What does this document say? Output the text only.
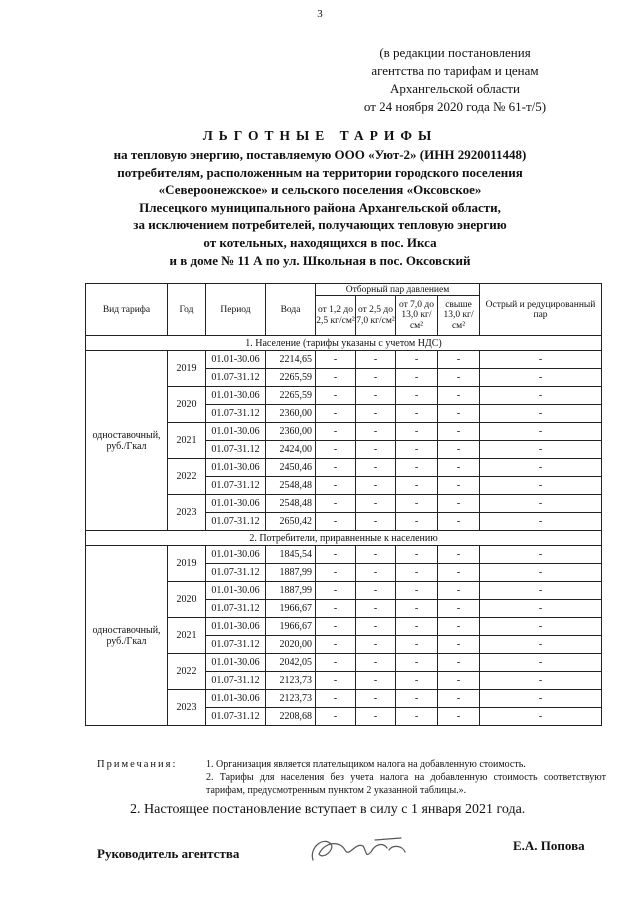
3
(в редакции постановления
агентства по тарифам и ценам
Архангельской области
от 24 ноября 2020 года № 61-т/5)
ЛЬГОТНЫЕ ТАРИФЫ
на тепловую энергию, поставляемую ООО «Уют-2» (ИНН 2920011448)
потребителям, расположенным на территории городского поселения
«Североонежское» и сельского поселения «Оксовское»
Плесецкого муниципального района Архангельской области,
за исключением потребителей, получающих тепловую энергию
от котельных, находящихся в пос. Икса
и в доме № 11 А по ул. Школьная в пос. Оксовский
Вид тарифа	Год	Период	Вода	Отборный пар давлением				Острый и редуцированный пар
				от 1,2 до 2,5 кг/см²	от 2,5 до 7,0 кг/см²	от 7,0 до 13,0 кг/см²	свыше 13,0 кг/см²	
1. Население (тарифы указаны с учетом НДС)								
одноставочный, руб./Гкал	2019	01.01-30.06	2214,65	-	-	-	-	-
		01.07-31.12	2265,59	-	-	-	-	-
	2020	01.01-30.06	2265,59	-	-	-	-	-
		01.07-31.12	2360,00	-	-	-	-	-
	2021	01.01-30.06	2360,00	-	-	-	-	-
		01.07-31.12	2424,00	-	-	-	-	-
	2022	01.01-30.06	2450,46	-	-	-	-	-
		01.07-31.12	2548,48	-	-	-	-	-
	2023	01.01-30.06	2548,48	-	-	-	-	-
		01.07-31.12	2650,42	-	-	-	-	-
2. Потребители, приравненные к населению								
одноставочный, руб./Гкал	2019	01.01-30.06	1845,54	-	-	-	-	-
		01.07-31.12	1887,99	-	-	-	-	-
	2020	01.01-30.06	1887,99	-	-	-	-	-
		01.07-31.12	1966,67	-	-	-	-	-
	2021	01.01-30.06	1966,67	-	-	-	-	-
		01.07-31.12	2020,00	-	-	-	-	-
	2022	01.01-30.06	2042,05	-	-	-	-	-
		01.07-31.12	2123,73	-	-	-	-	-
	2023	01.01-30.06	2123,73	-	-	-	-	-
		01.07-31.12	2208,68	-	-	-	-	-
Примечания:	1. Организация является плательщиком налога на добавленную стоимость.

2. Тарифы для населения без учета налога на добавленную стоимость соответствуют тарифам, предусмотренным пунктом 2 указанной таблицы.».

2. Настоящее постановление вступает в силу с 1 января 2021 года.
Руководитель агентства
Е.А. Попова
